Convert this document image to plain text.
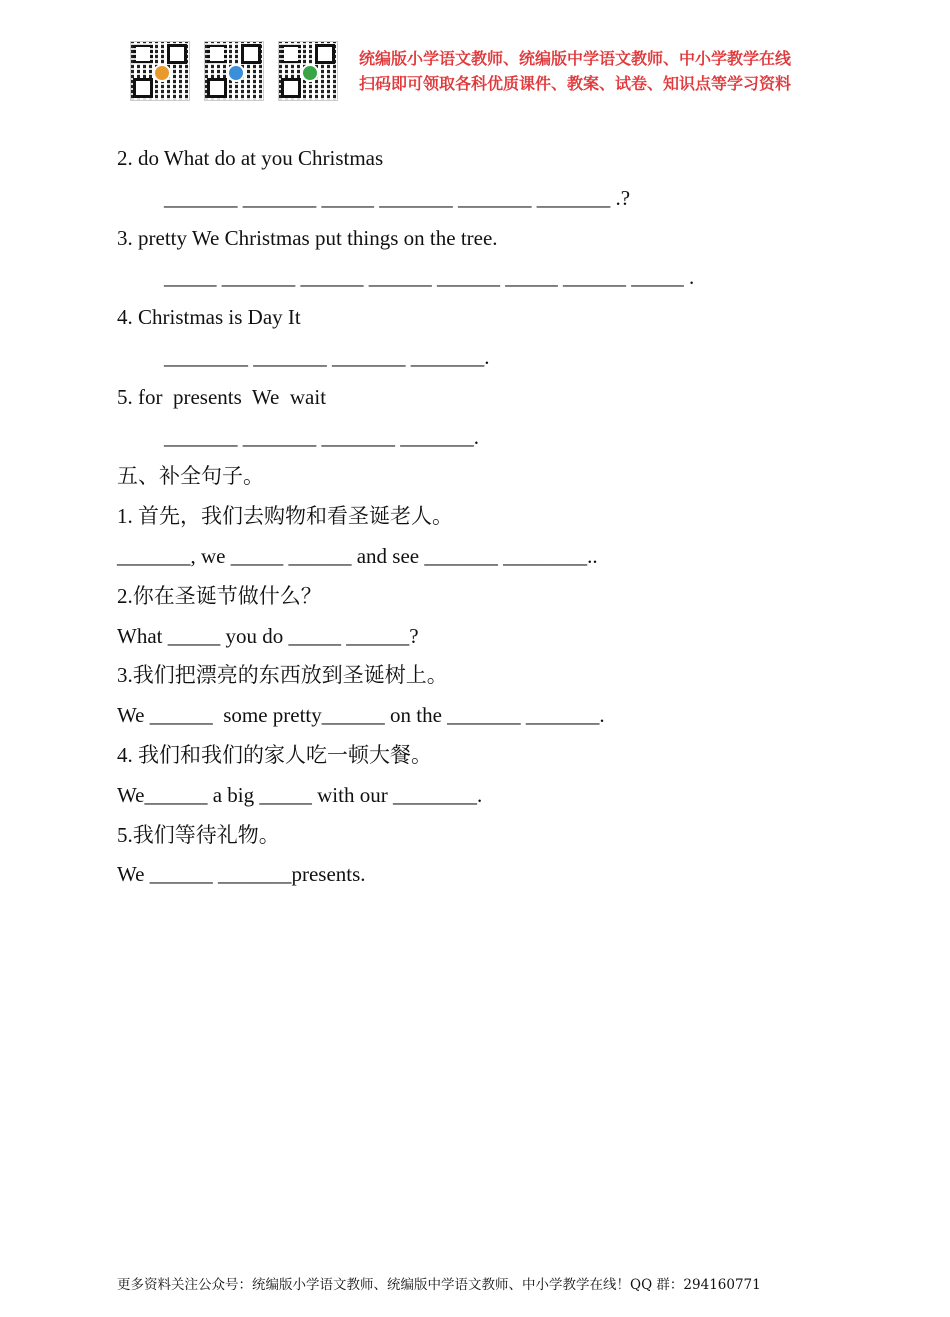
统编版小学语文教师、统编版中学语文教师、中小学教学在线
扫码即可领取各科优质课件、教案、试卷、知识点等学习资料
2. do What do at you Christmas
_______ _______ _____ _______ _______ _______ .?
3. pretty We Christmas put things on the tree.
_____ _______ ______ ______ ______ _____ ______ _____ .
4. Christmas is Day It
________ _______ _______ _______.
5. for  presents  We  wait
_______ _______ _______ _______.
五、补全句子。
1. 首先，我们去购物和看圣诞老人。
_______, we _____ ______ and see _______ ________..
2.你在圣诞节做什么？
What _____ you do _____ ______?
3.我们把漂亮的东西放到圣诞树上。
We ______  some pretty______ on the _______ _______.
4. 我们和我们的家人吃一顿大餐。
We______ a big _____ with our ________.
5.我们等待礼物。
We ______ _______presents.
更多资料关注公众号：统编版小学语文教师、统编版中学语文教师、中小学教学在线！QQ 群：294160771
